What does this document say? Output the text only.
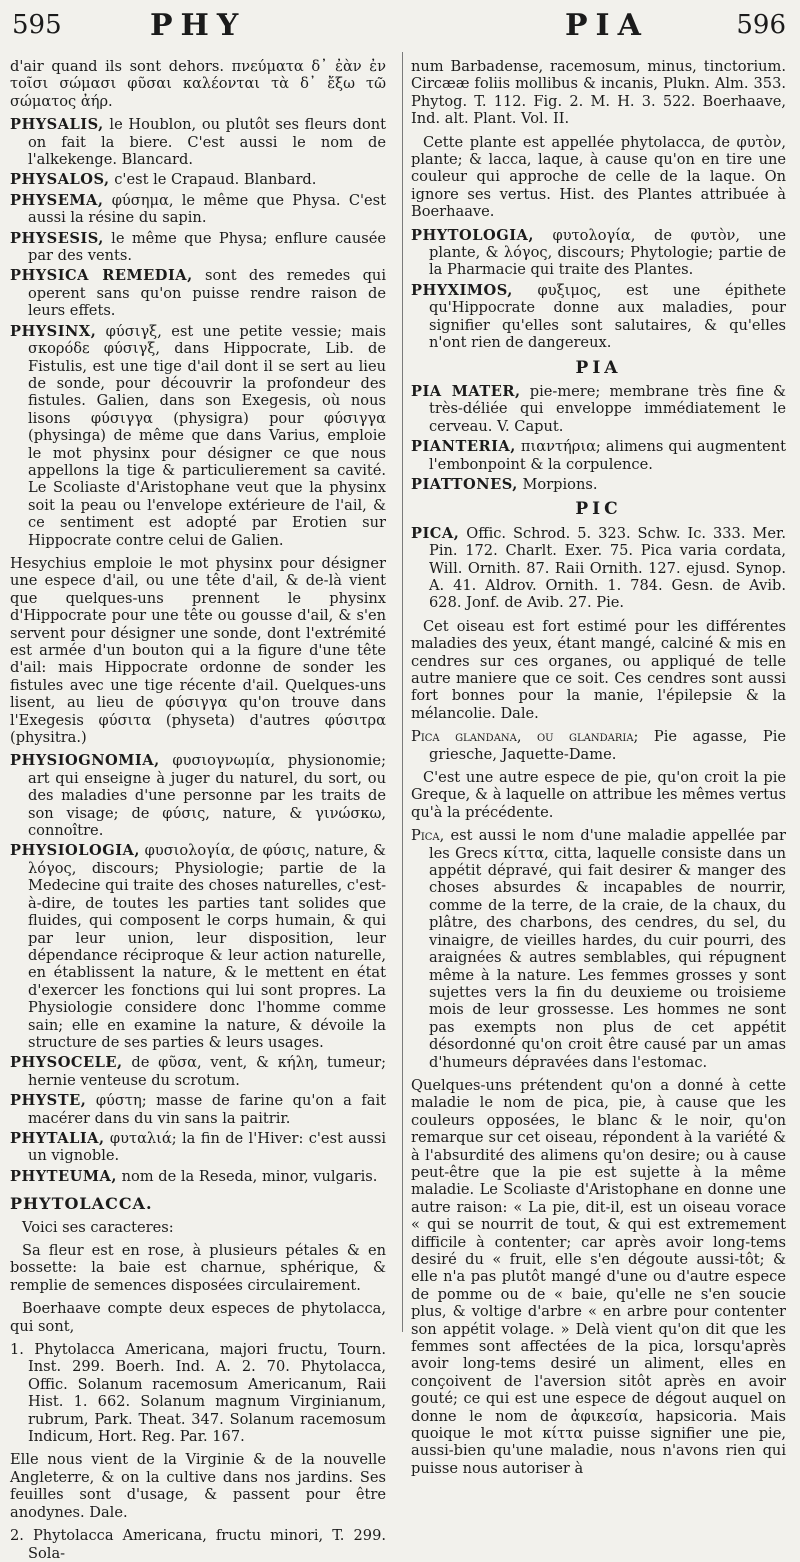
595	PHY	PIA	596

d'air quand ils sont dehors. πνεύματα δ᾽ ἐὰν ἐν τοῖσι σώμασι φῦσαι καλέονται τὰ δ᾽ ἔξω τῶ σώματος ἀήρ.

PHYSALIS, le Houblon, ou plutôt ses fleurs dont on fait la biere. C'est aussi le nom de l'alkekenge. Blancard.

PHYSALOS, c'est le Crapaud. Blanbard.

PHYSEMA, φύσημα, le même que Physa. C'est aussi la résine du sapin.

PHYSESIS, le même que Physa; enflure causée par des vents.

PHYSICA REMEDIA, sont des remedes qui operent sans qu'on puisse rendre raison de leurs effets.

PHYSINX, φύσιγξ, est une petite vessie; mais σκορόδε φύσιγξ, dans Hippocrate, Lib. de Fistulis, est une tige d'ail dont il se sert au lieu de sonde, pour découvrir la profondeur des fistules. Galien, dans son Exegesis, où nous lisons φύσιγγα (physigra) pour φύσιγγα (physinga) de même que dans Varius, emploie le mot physinx pour désigner ce que nous appellons la tige & particulierement sa cavité. Le Scoliaste d'Aristophane veut que la physinx soit la peau ou l'envelope extérieure de l'ail, & ce sentiment est adopté par Erotien sur Hippocrate contre celui de Galien.

Hesychius emploie le mot physinx pour désigner une espece d'ail, ou une tête d'ail, & de-là vient que quelques-uns prennent le physinx d'Hippocrate pour une tête ou gousse d'ail, & s'en servent pour désigner une sonde, dont l'extrémité est armée d'un bouton qui a la figure d'une tête d'ail: mais Hippocrate ordonne de sonder les fistules avec une tige récente d'ail. Quelques-uns lisent, au lieu de φύσιγγα qu'on trouve dans l'Exegesis φύσιτα (physeta) d'autres φύσιτρα (physitra.)

PHYSIOGNOMIA, φυσιογνωμία, physionomie; art qui enseigne à juger du naturel, du sort, ou des maladies d'une personne par les traits de son visage; de φύσις, nature, & γινώσκω, connoître.

PHYSIOLOGIA, φυσιολογία, de φύσις, nature, & λόγος, discours; Physiologie; partie de la Medecine qui traite des choses naturelles, c'est-à-dire, de toutes les parties tant solides que fluides, qui composent le corps humain, & qui par leur union, leur disposition, leur dépendance réciproque & leur action naturelle, en établissent la nature, & le mettent en état d'exercer les fonctions qui lui sont propres. La Physiologie considere donc l'homme comme sain; elle en examine la nature, & dévoile la structure de ses parties & leurs usages.

PHYSOCELE, de φῦσα, vent, & κήλη, tumeur; hernie venteuse du scrotum.

PHYSTE, φύστη; masse de farine qu'on a fait macérer dans du vin sans la paitrir.

PHYTALIA, φυταλιά; la fin de l'Hiver: c'est aussi un vignoble.

PHYTEUMA, nom de la Reseda, minor, vulgaris.

PHYTOLACCA.

Voici ses caracteres:

Sa fleur est en rose, à plusieurs pétales & en bossette: la baie est charnue, sphérique, & remplie de semences disposées circulairement.

Boerhaave compte deux especes de phytolacca, qui sont,

1. Phytolacca Americana, majori fructu, Tourn. Inst. 299. Boerh. Ind. A. 2. 70. Phytolacca, Offic. Solanum racemosum Americanum, Raii Hist. 1. 662. Solanum magnum Virginianum, rubrum, Park. Theat. 347. Solanum racemosum Indicum, Hort. Reg. Par. 167.

Elle nous vient de la Virginie & de la nouvelle Angleterre, & on la cultive dans nos jardins. Ses feuilles sont d'usage, & passent pour être anodynes. Dale.

2. Phytolacca Americana, fructu minori, T. 299. Sola-

num Barbadense, racemosum, minus, tinctorium. Circææ foliis mollibus & incanis, Plukn. Alm. 353. Phytog. T. 112. Fig. 2. M. H. 3. 522. Boerhaave, Ind. alt. Plant. Vol. II.

Cette plante est appellée phytolacca, de φυτὸν, plante; & lacca, laque, à cause qu'on en tire une couleur qui approche de celle de la laque. On ignore ses vertus. Hist. des Plantes attribuée à Boerhaave.

PHYTOLOGIA, φυτολογία, de φυτὸν, une plante, & λόγος, discours; Phytologie; partie de la Pharmacie qui traite des Plantes.

PHYXIMOS, φυξιμος, est une épithete qu'Hippocrate donne aux maladies, pour signifier qu'elles sont salutaires, & qu'elles n'ont rien de dangereux.

PIA

PIA MATER, pie-mere; membrane très fine & très-déliée qui enveloppe immédiatement le cerveau. V. Caput.

PIANTERIA, πιαντήρια; alimens qui augmentent l'embonpoint & la corpulence.

PIATTONES, Morpions.

PIC

PICA, Offic. Schrod. 5. 323. Schw. Ic. 333. Mer. Pin. 172. Charlt. Exer. 75. Pica varia cordata, Will. Ornith. 87. Raii Ornith. 127. ejusd. Synop. A. 41. Aldrov. Ornith. 1. 784. Gesn. de Avib. 628. Jonf. de Avib. 27. Pie.

Cet oiseau est fort estimé pour les différentes maladies des yeux, étant mangé, calciné & mis en cendres sur ces organes, ou appliqué de telle autre maniere que ce soit. Ces cendres sont aussi fort bonnes pour la manie, l'épilepsie & la mélancolie. Dale.

Pica glandana, ou glandaria; Pie agasse, Pie griesche, Jaquette-Dame.

C'est une autre espece de pie, qu'on croit la pie Greque, & à laquelle on attribue les mêmes vertus qu'à la précédente.

Pica, est aussi le nom d'une maladie appellée par les Grecs κίττα, citta, laquelle consiste dans un appétit dépravé, qui fait desirer & manger des choses absurdes & incapables de nourrir, comme de la terre, de la craie, de la chaux, du plâtre, des charbons, des cendres, du sel, du vinaigre, de vieilles hardes, du cuir pourri, des araignées & autres semblables, qui répugnent même à la nature. Les femmes grosses y sont sujettes vers la fin du deuxieme ou troisieme mois de leur grossesse. Les hommes ne sont pas exempts non plus de cet appétit désordonné qu'on croit être causé par un amas d'humeurs dépravées dans l'estomac.

Quelques-uns prétendent qu'on a donné à cette maladie le nom de pica, pie, à cause que les couleurs opposées, le blanc & le noir, qu'on remarque sur cet oiseau, répondent à la variété & à l'absurdité des alimens qu'on desire; ou à cause peut-être que la pie est sujette à la même maladie. Le Scoliaste d'Aristophane en donne une autre raison: « La pie, dit-il, est un oiseau vorace « qui se nourrit de tout, & qui est extremement difficile à contenter; car après avoir long-tems desiré du « fruit, elle s'en dégoute aussi-tôt; & elle n'a pas plutôt mangé d'une ou d'autre espece de pomme ou de « baie, qu'elle ne s'en soucie plus, & voltige d'arbre « en arbre pour contenter son appétit volage. » Delà vient qu'on dit que les femmes sont affectées de la pica, lorsqu'après avoir long-tems desiré un aliment, elles en conçoivent de l'aversion sitôt après en avoir gouté; ce qui est une espece de dégout auquel on donne le nom de ἀφικεσία, hapsicoria. Mais quoique le mot κίττα puisse signifier une pie, aussi-bien qu'une maladie, nous n'avons rien qui puisse nous autoriser à
